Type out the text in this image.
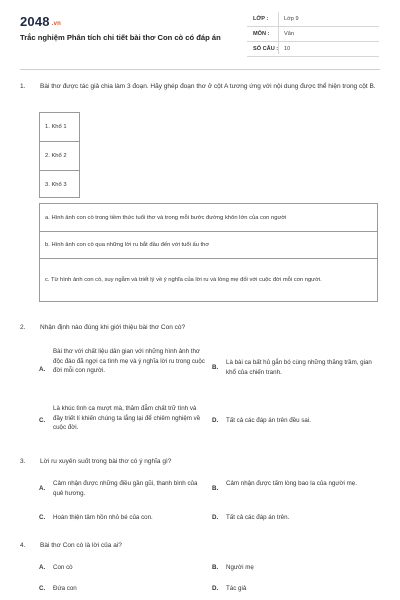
2048 .vn
Trắc nghiệm Phân tích chi tiết bài thơ Con cò có đáp án
LỚP :	Lớp 9
MÔN :	Văn
SỐ CÂU : 10
1.	Bài thơ được tác giả chia làm 3 đoạn. Hãy ghép đoạn thơ ở cột A tương ứng với nội dung được thể hiện trong cột B.
1. Khổ 1
2. Khổ 2
3. Khổ 3
a. Hình ảnh con cò trong tiềm thức tuổi thơ và trong mỗi bước đường khôn lớn của con người
b. Hình ảnh con cò qua những lời ru bắt đầu đến với tuổi ấu thơ
c. Từ hình ảnh con cò, suy ngẫm và triết lý về ý nghĩa của lời ru và lòng mẹ đối với cuộc đời mỗi con người.
2.	Nhận định nào đúng khi giới thiệu bài thơ Con cò?
A.
Bài thơ với chất liệu dân gian với những hình ảnh thơ độc đáo đã ngợi ca tình mẹ và ý nghĩa lời ru trong cuộc đời mỗi con người.	B.
Là bài ca bất hủ gắn bó cùng những thăng trầm, gian khổ của chiến tranh.
C.
Là khúc tình ca mượt mà, thăm đẫm chất trữ tình và đầy triết lí khiến chúng ta lắng lại để chiêm nghiệm về cuộc đời.
D. Tất cả các đáp án trên đều sai.
3.	Lời ru xuyên suốt trong bài thơ có ý nghĩa gì?
A.
Cảm nhận được những điều gần gũi, thanh bình của quê hương.
B.
Cảm nhận được tấm lòng bao la của người mẹ.
C. Hoàn thiện tâm hồn nhỏ bé của con.	D. Tất cả các đáp án trên.
4.	Bài thơ Con cò là lời của ai?
A. Con cò	B. Người mẹ
C. Đứa con	D. Tác giả
